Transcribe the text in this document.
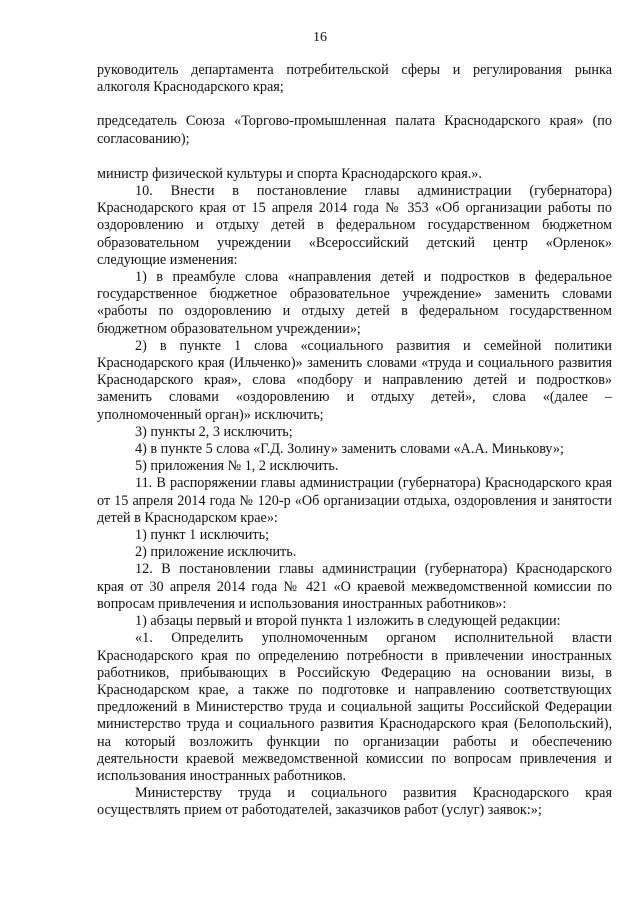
16

руководитель департамента потребительской сферы и регулирования рынка алкоголя Краснодарского края;

председатель Союза «Торгово-промышленная палата Краснодарского края» (по согласованию);

министр физической культуры и спорта Краснодарского края.».

10. Внести в постановление главы администрации (губернатора) Краснодарского края от 15 апреля 2014 года № 353 «Об организации работы по оздоровлению и отдыху детей в федеральном государственном бюджетном образовательном учреждении «Всероссийский детский центр «Орленок» следующие изменения:

1) в преамбуле слова «направления детей и подростков в федеральное государственное бюджетное образовательное учреждение» заменить словами «работы по оздоровлению и отдыху детей в федеральном государственном бюджетном образовательном учреждении»;

2) в пункте 1 слова «социального развития и семейной политики Краснодарского края (Ильченко)» заменить словами «труда и социального развития Краснодарского края», слова «подбору и направлению детей и подростков» заменить словами «оздоровлению и отдыху детей», слова «(далее – уполномоченный орган)» исключить;

3) пункты 2, 3 исключить;

4) в пункте 5 слова «Г.Д. Золину» заменить словами «А.А. Минькову»;

5) приложения № 1, 2 исключить.

11. В распоряжении главы администрации (губернатора) Краснодарского края от 15 апреля 2014 года № 120-р «Об организации отдыха, оздоровления и занятости детей в Краснодарском крае»:

1) пункт 1 исключить;

2) приложение исключить.

12. В постановлении главы администрации (губернатора) Краснодарского края от 30 апреля 2014 года № 421 «О краевой межведомственной комиссии по вопросам привлечения и использования иностранных работников»:

1) абзацы первый и второй пункта 1 изложить в следующей редакции:

«1. Определить уполномоченным органом исполнительной власти Краснодарского края по определению потребности в привлечении иностранных работников, прибывающих в Российскую Федерацию на основании визы, в Краснодарском крае, а также по подготовке и направлению соответствующих предложений в Министерство труда и социальной защиты Российской Федерации министерство труда и социального развития Краснодарского края (Белопольский), на который возложить функции по организации работы и обеспечению деятельности краевой межведомственной комиссии по вопросам привлечения и использования иностранных работников.

Министерству труда и социального развития Краснодарского края осуществлять прием от работодателей, заказчиков работ (услуг) заявок:»;
